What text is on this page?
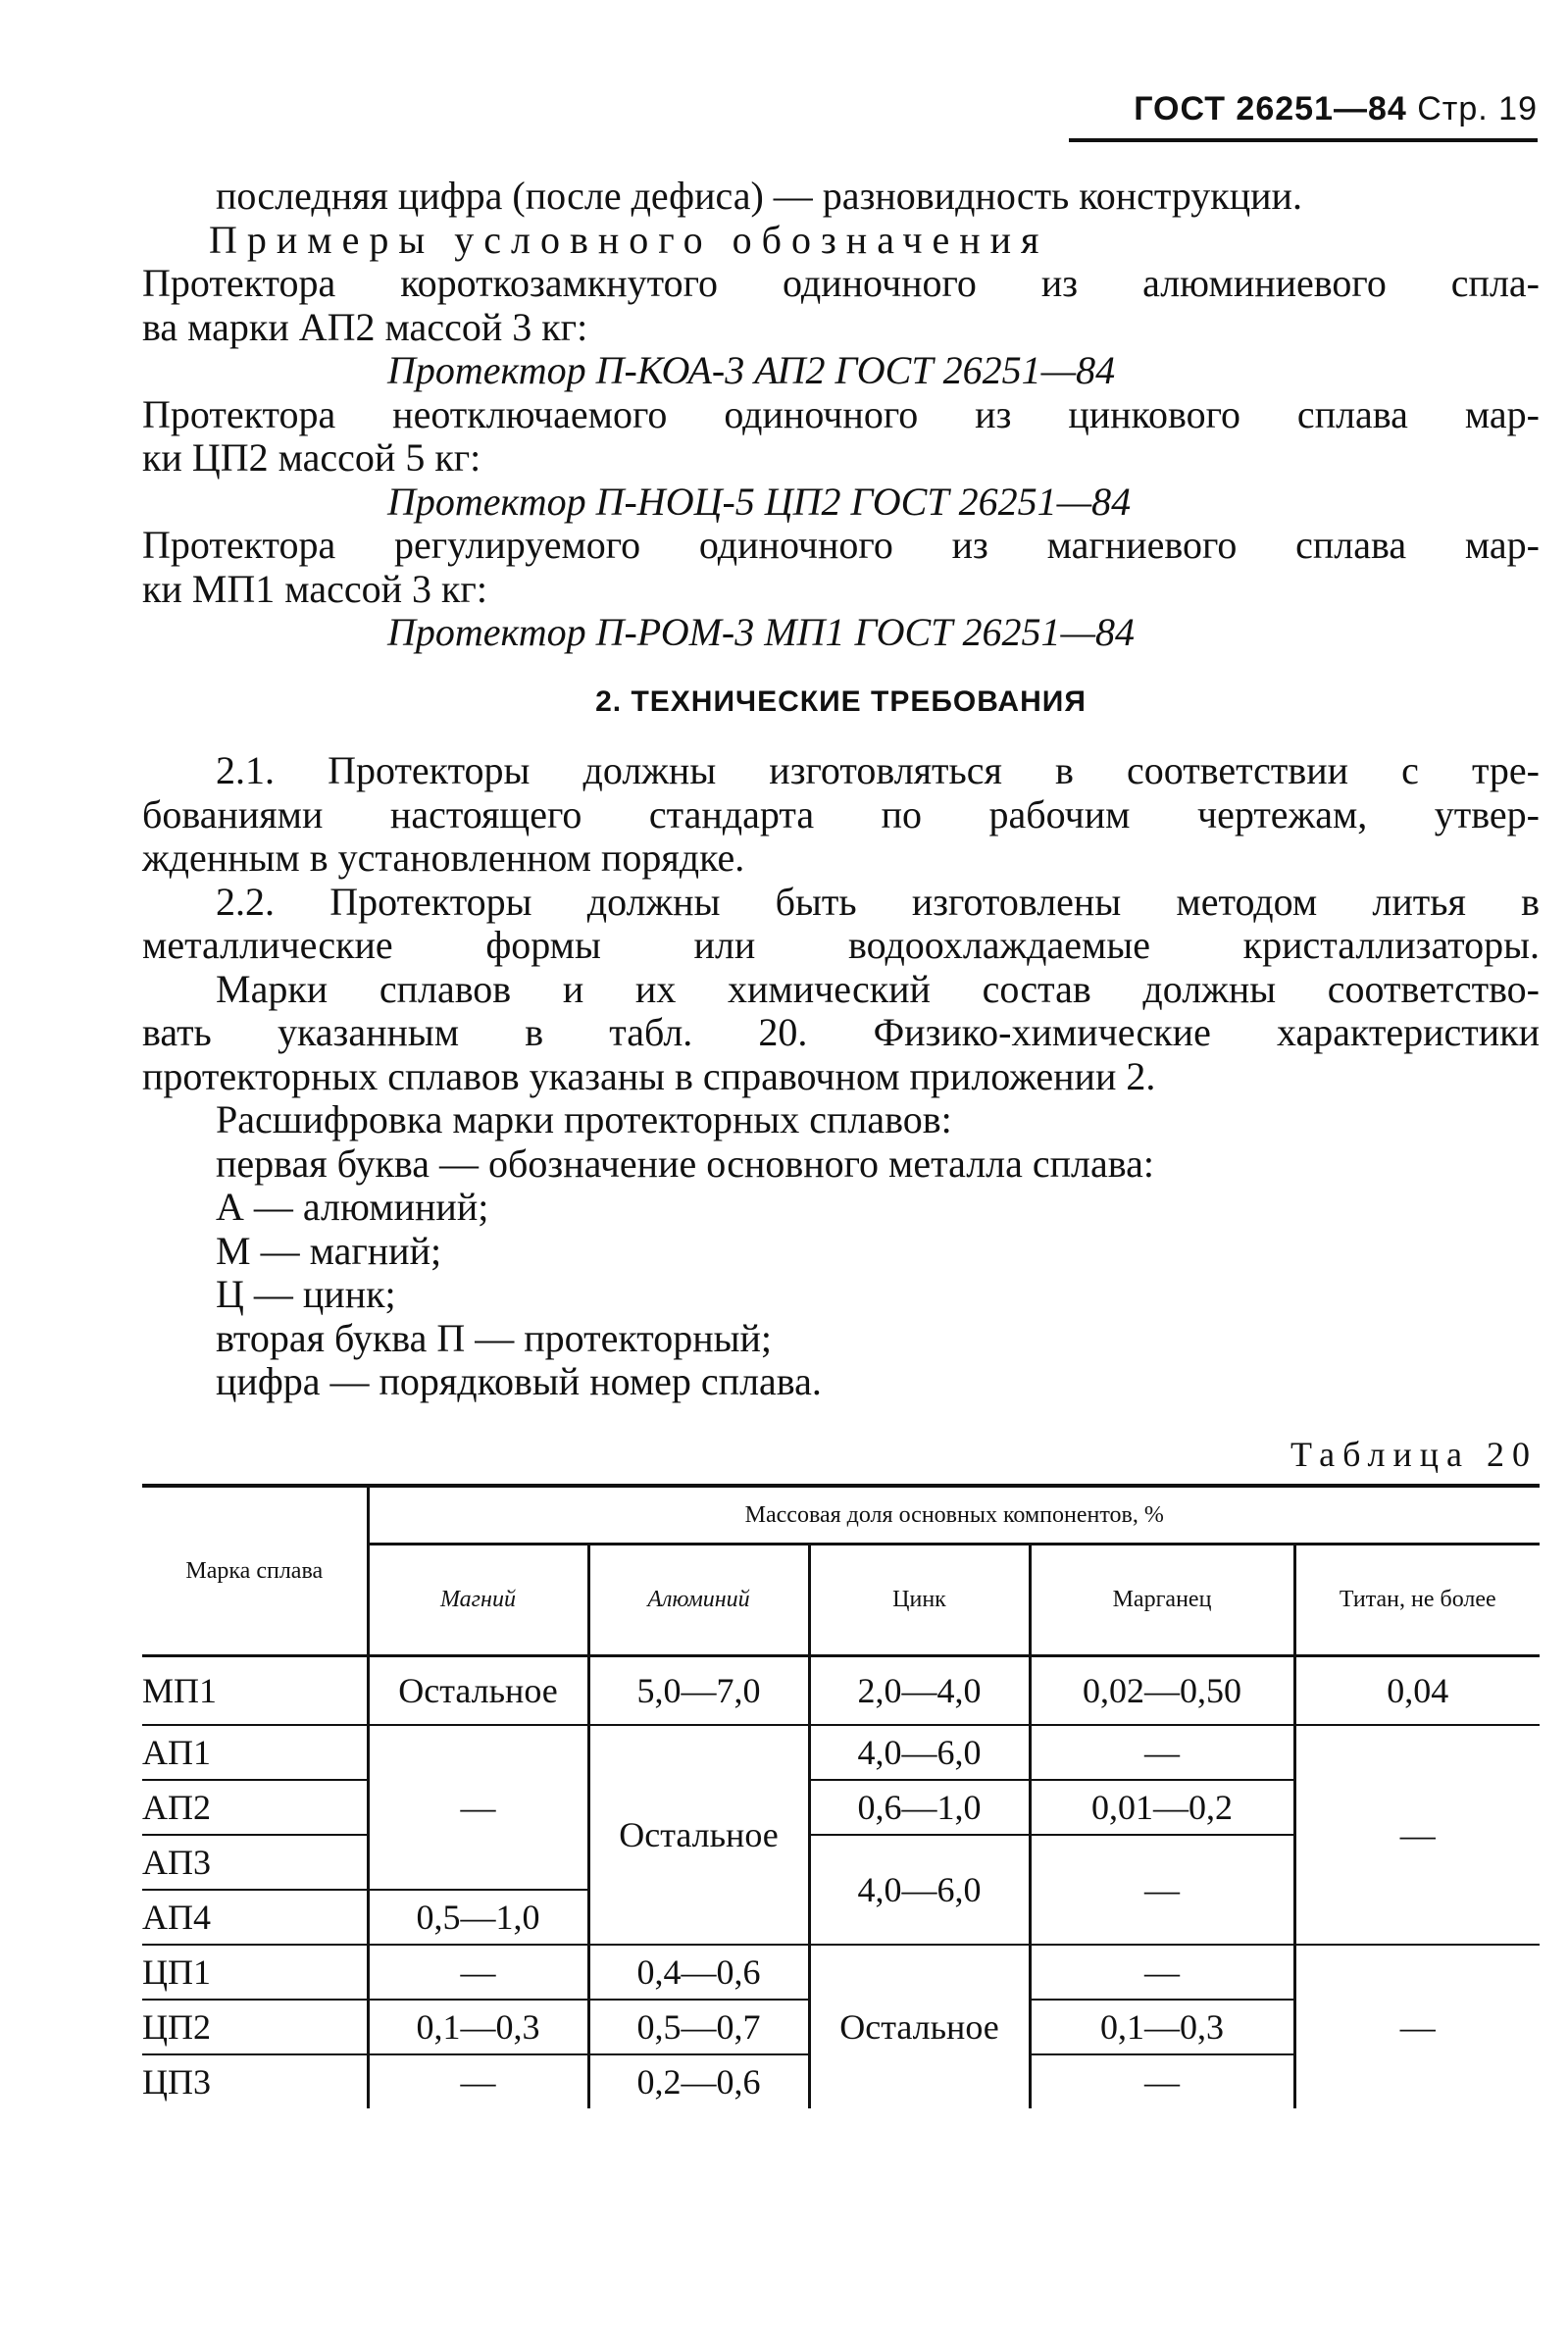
ГОСТ 26251—84 Стр. 19

последняя цифра (после дефиса) — разновидность конструкции.

Примеры условного обозначения

Протектора короткозамкнутого одиночного из алюминиевого спла-

ва марки АП2 массой 3 кг:

Протектор П-КОА-3 АП2 ГОСТ 26251—84

Протектора неотключаемого одиночного из цинкового сплава мар-

ки ЦП2 массой 5 кг:

Протектор П-НОЦ-5 ЦП2 ГОСТ 26251—84

Протектора регулируемого одиночного из магниевого сплава мар-

ки МП1 массой 3 кг:

Протектор П-РОМ-3 МП1 ГОСТ 26251—84

2. ТЕХНИЧЕСКИЕ ТРЕБОВАНИЯ

2.1. Протекторы должны изготовляться в соответствии с тре-

бованиями настоящего стандарта по рабочим чертежам, утвер-

жденным в установленном порядке.

2.2. Протекторы должны быть изготовлены методом литья в

металлические формы или водоохлаждаемые кристаллизаторы.

Марки сплавов и их химический состав должны соответство-

вать указанным в табл. 20. Физико-химические характеристики

протекторных сплавов указаны в справочном приложении 2.

Расшифровка марки протекторных сплавов:

первая буква — обозначение основного металла сплава:

А — алюминий;

М — магний;

Ц — цинк;

вторая буква П — протекторный;

цифра — порядковый номер сплава.

Таблица 20
Марка сплава	Массовая доля основных компонентов, %				
	Магний	Алюминий	Цинк	Марганец	Титан, не более
МП1	Остальное	5,0—7,0	2,0—4,0	0,02—0,50	0,04
АП1	—	Остальное	4,0—6,0	—	—
АП2			0,6—1,0	0,01—0,2	
АП3			4,0—6,0	—	
АП4	0,5—1,0				
ЦП1	—	0,4—0,6	Остальное	—	—
ЦП2	0,1—0,3	0,5—0,7		0,1—0,3	
ЦП3	—	0,2—0,6		—	
